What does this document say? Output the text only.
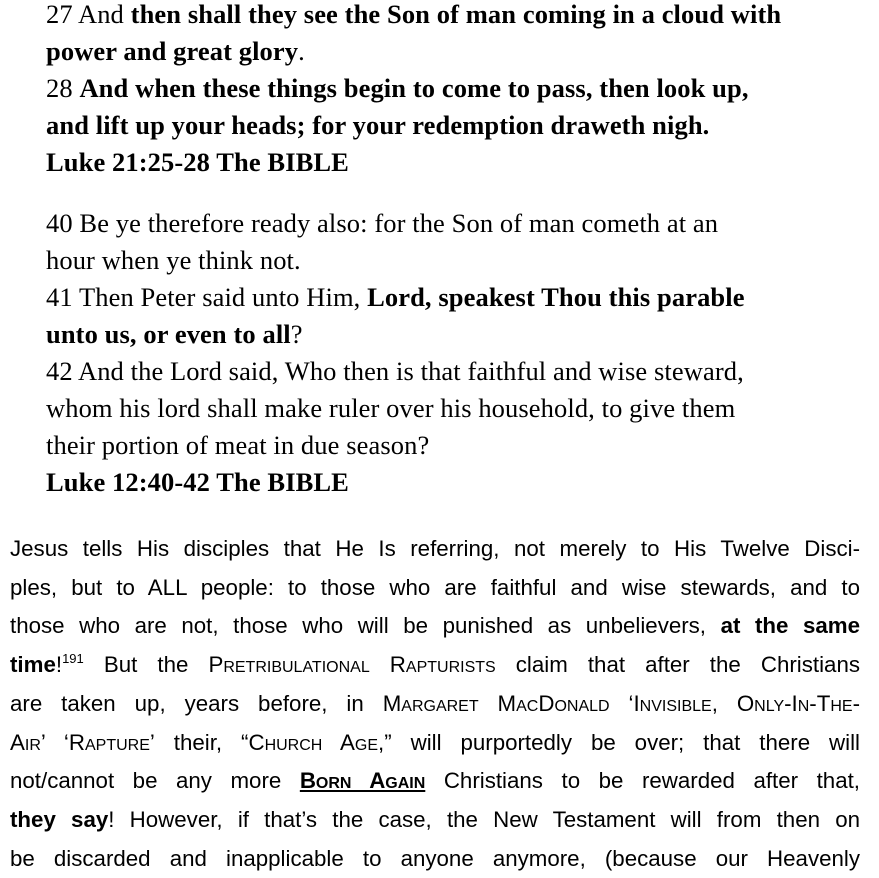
27 And then shall they see the Son of man coming in a cloud with
power and great glory.
28 And when these things begin to come to pass, then look up,
and lift up your heads; for your redemption draweth nigh.
Luke 21:25-28 The BIBLE
40 Be ye therefore ready also: for the Son of man cometh at an
hour when ye think not.
41 Then Peter said unto Him, Lord, speakest Thou this parable
unto us, or even to all?
42 And the Lord said, Who then is that faithful and wise steward,
whom his lord shall make ruler over his household, to give them
their portion of meat in due season?
Luke 12:40-42 The BIBLE
Jesus tells His disciples that He Is referring, not merely to His Twelve Disci-
ples, but to ALL people: to those who are faithful and wise stewards, and to
those who are not, those who will be punished as unbelievers, at the same
time!$^{191}$ But the Pretribulational Rapturists claim that after the Christians
are taken up, years before, in Margaret MacDonald ‘Invisible, Only-In-The-
Air’ ‘Rapture’ their, “Church Age,” will purportedly be over; that there will
not/cannot be any more Born Again Christians to be rewarded after that,
they say! However, if that’s the case, the New Testament will from then on
be discarded and inapplicable to anyone anymore, (because our Heavenly
